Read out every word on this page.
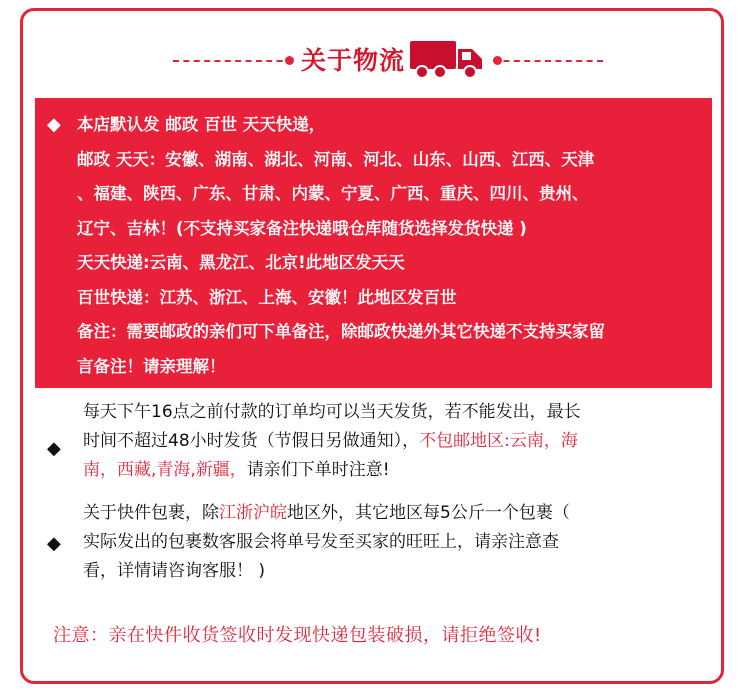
关于物流
◆ 本店默认发 邮政 百世 天天快递，
邮政 天天：安徽、湖南、湖北、河南、河北、山东、山西、江西、天津
、福建、陕西、广东、甘肃、内蒙、宁夏、广西、重庆、四川、贵州、
辽宁、吉林！(不支持买家备注快递哦仓库随货选择发货快递 )
天天快递:云南、黑龙江、北京!此地区发天天
百世快递：江苏、浙江、上海、安徽！此地区发百世
备注：需要邮政的亲们可下单备注，除邮政快递外其它快递不支持买家留
言备注！请亲理解！
◆
每天下午16点之前付款的订单均可以当天发货，若不能发出，最长
时间不超过48小时发货（节假日另做通知），不包邮地区:云南，海
南，西藏,青海,新疆，请亲们下单时注意!
◆
关于快件包裹，除江浙沪皖地区外，其它地区每5公斤一个包裹（
实际发出的包裹数客服会将单号发至买家的旺旺上，请亲注意查
看，详情请咨询客服！ )
注意：亲在快件收货签收时发现快递包装破损，请拒绝签收!
